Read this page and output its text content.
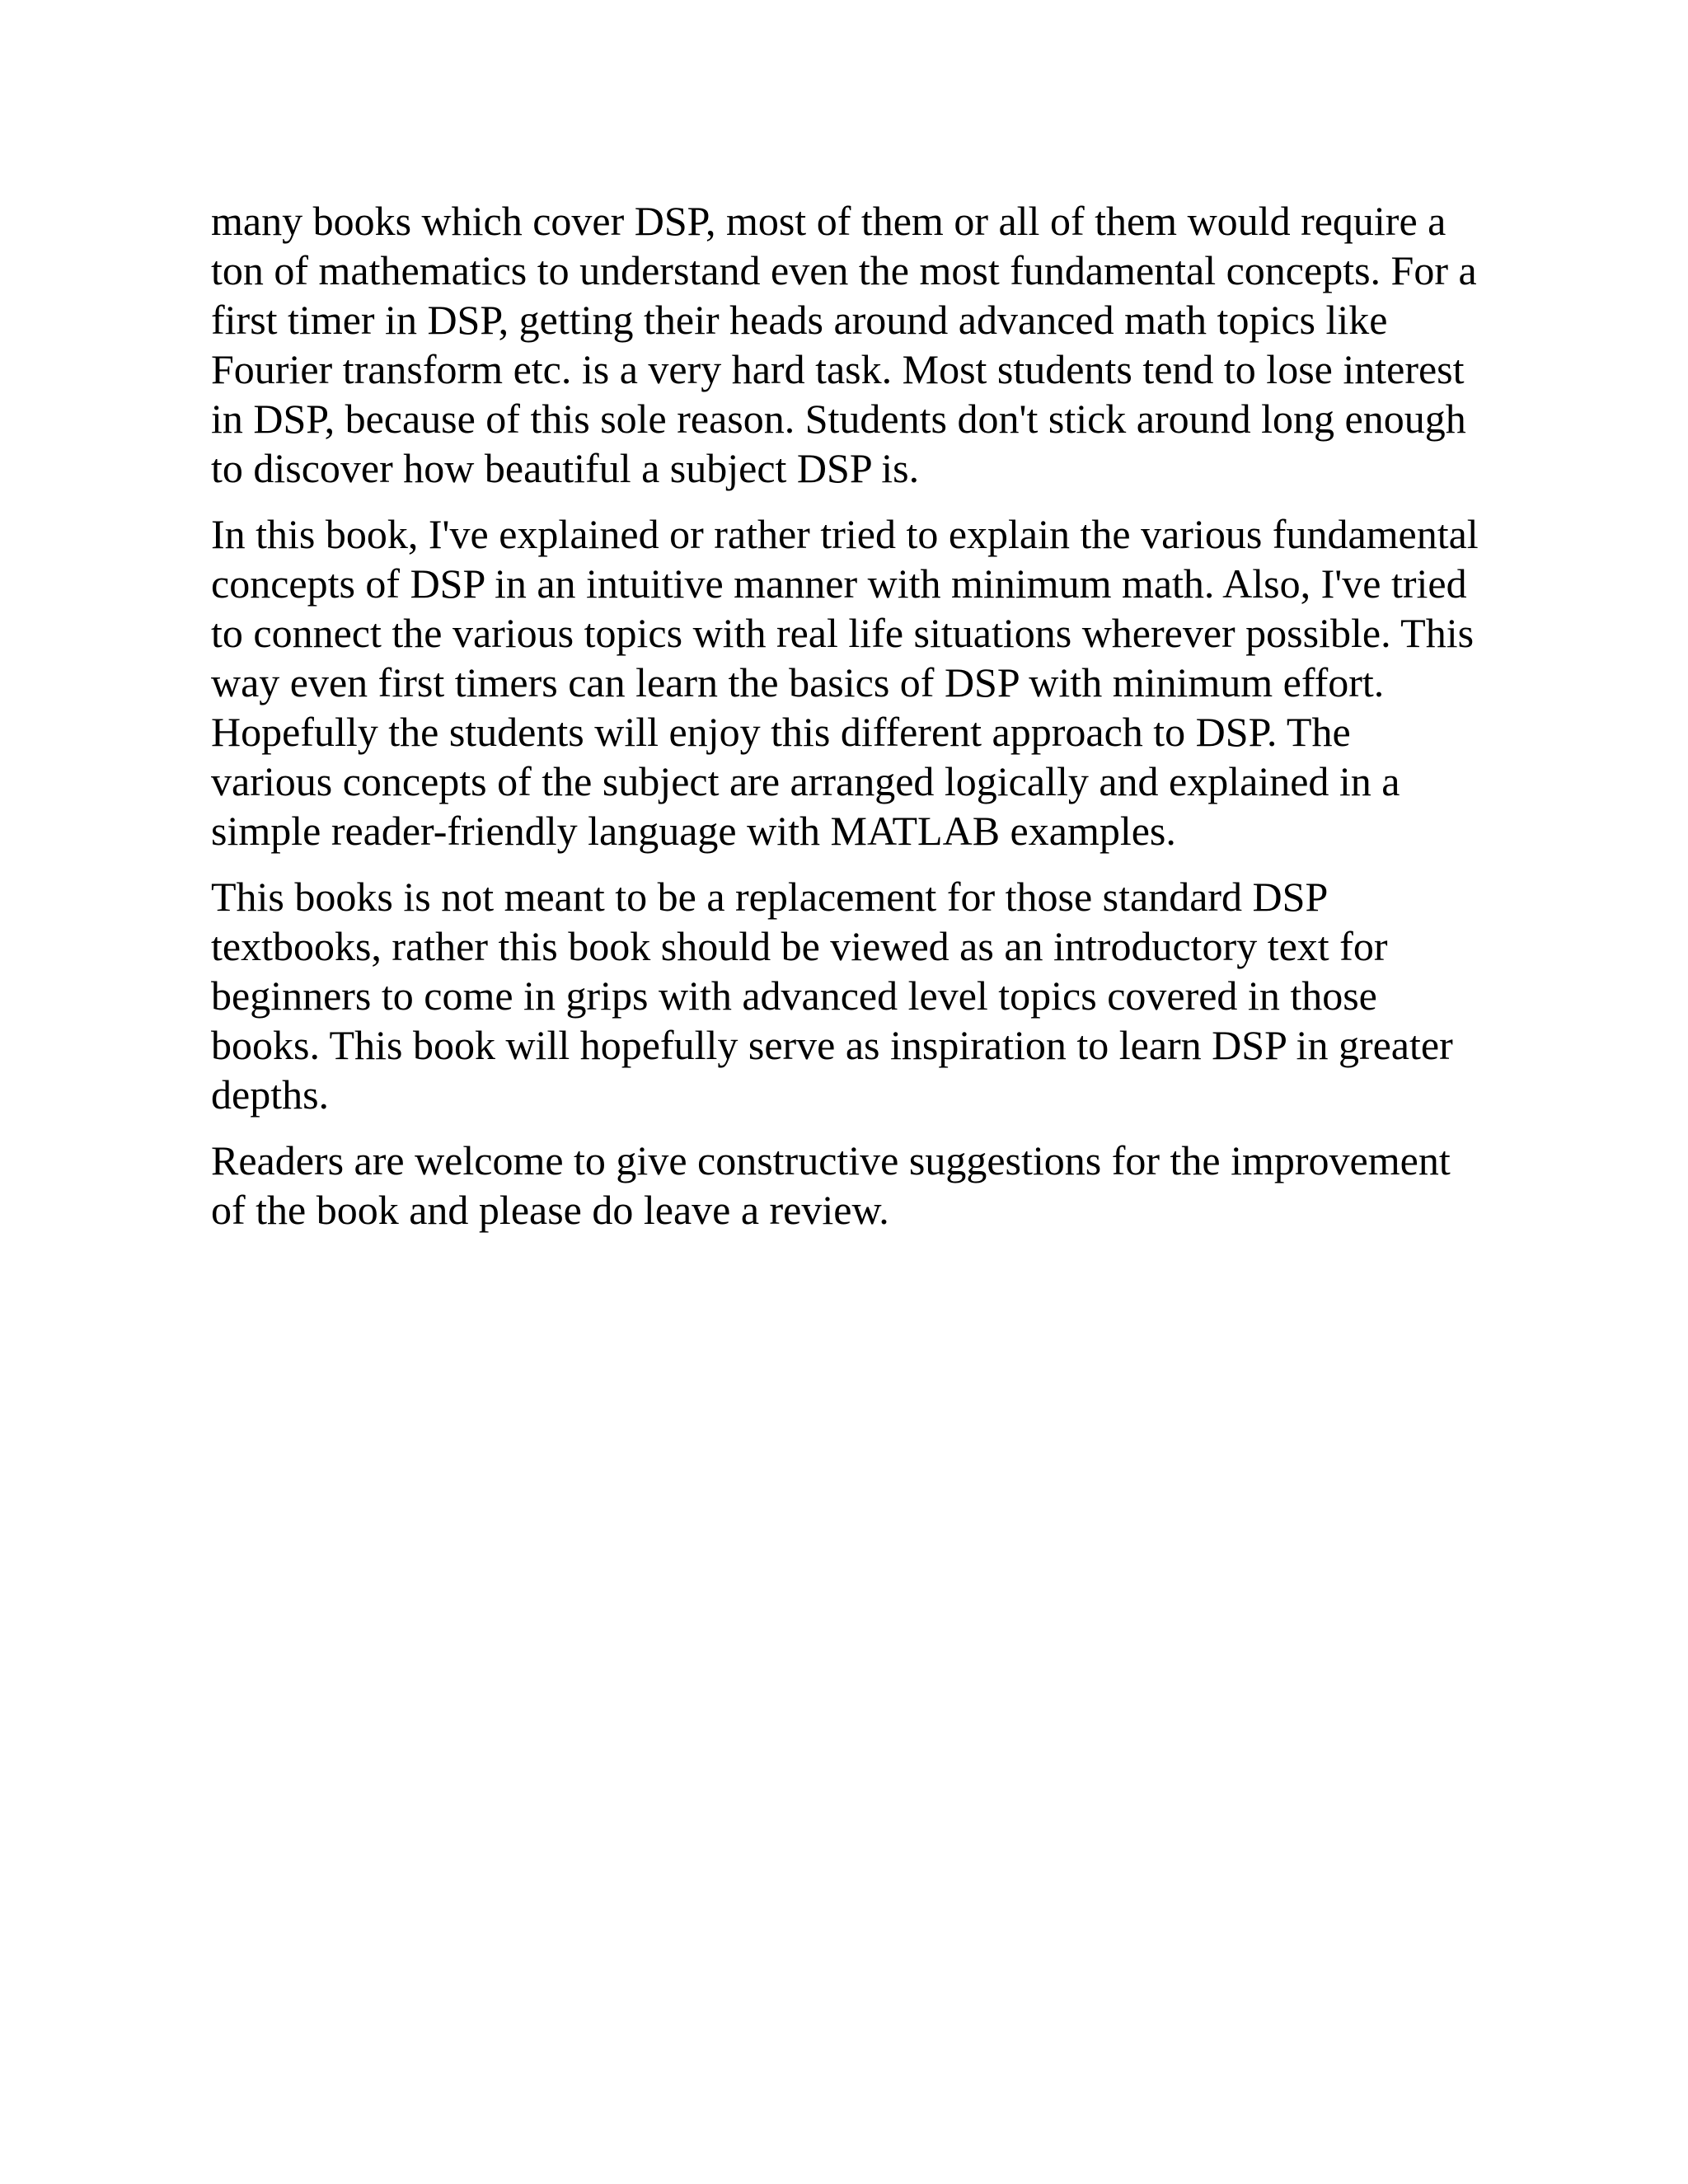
many books which cover DSP, most of them or all of them would require a ton of mathematics to understand even the most fundamental concepts. For a first timer in DSP, getting their heads around advanced math topics like Fourier transform etc. is a very hard task. Most students tend to lose interest in DSP, because of this sole reason. Students don't stick around long enough to discover how beautiful a subject DSP is.

In this book, I've explained or rather tried to explain the various fundamental concepts of DSP in an intuitive manner with minimum math. Also, I've tried to connect the various topics with real life situations wherever possible. This way even first timers can learn the basics of DSP with minimum effort. Hopefully the students will enjoy this different approach to DSP. The various concepts of the subject are arranged logically and explained in a simple reader-friendly language with MATLAB examples.

This books is not meant to be a replacement for those standard DSP textbooks, rather this book should be viewed as an introductory text for beginners to come in grips with advanced level topics covered in those books. This book will hopefully serve as inspiration to learn DSP in greater depths.

Readers are welcome to give constructive suggestions for the improvement of the book and please do leave a review.
